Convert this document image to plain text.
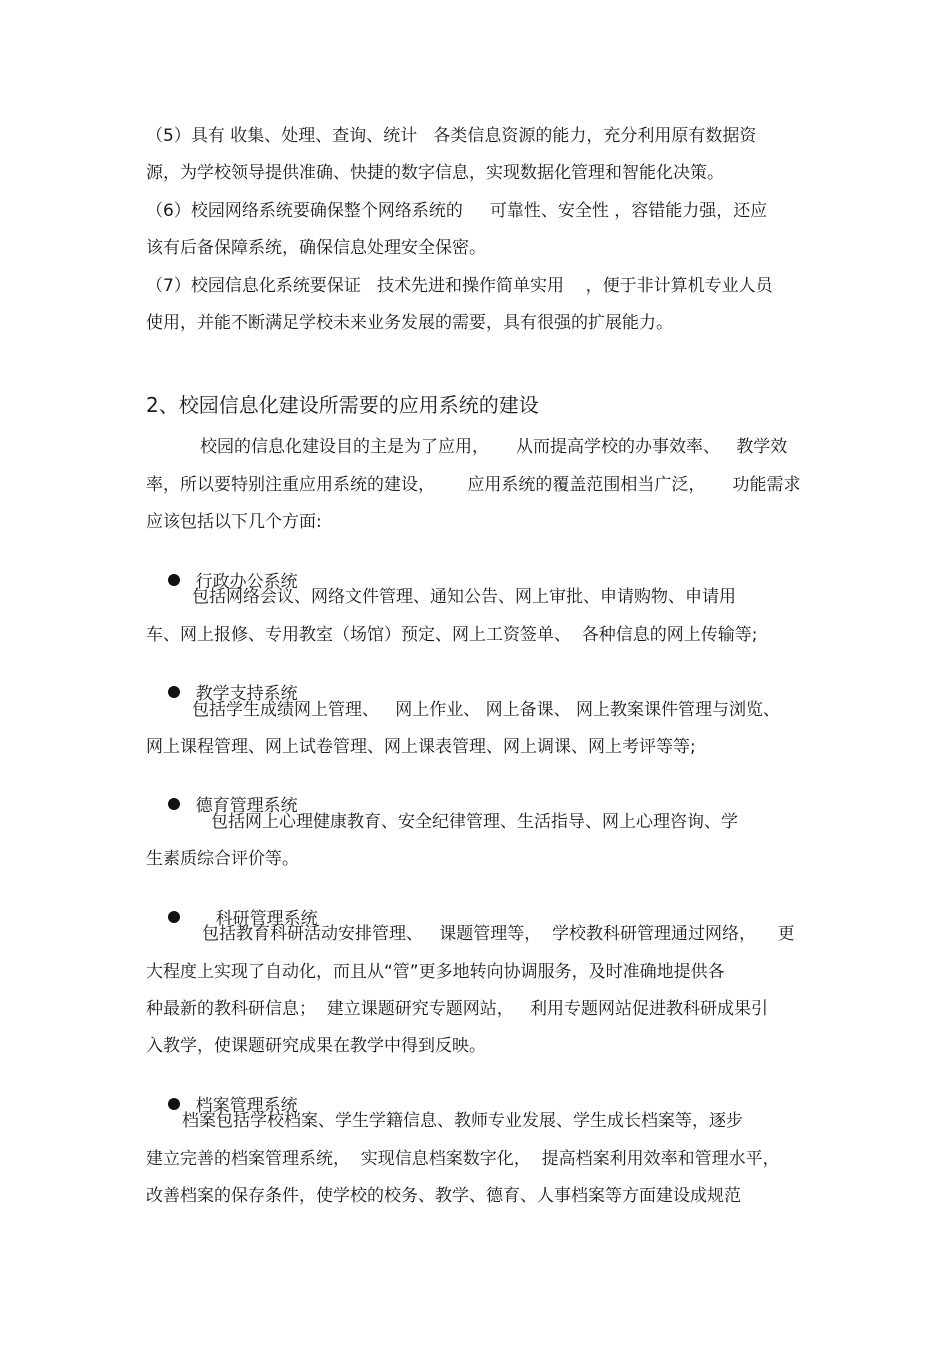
（5）具有 收集、处理、查询、统计   各类信息资源的能力，充分利用原有数据资
源，为学校领导提供准确、快捷的数字信息，实现数据化管理和智能化决策。
（6）校园网络系统要确保整个网络系统的     可靠性、安全性 ，容错能力强，还应
该有后备保障系统，确保信息处理安全保密。
（7）校园信息化系统要保证   技术先进和操作简单实用    ，便于非计算机专业人员
使用，并能不断满足学校未来业务发展的需要，具有很强的扩展能力。
2、校园信息化建设所需要的应用系统的建设
校园的信息化建设目的主是为了应用，     从而提高学校的办事效率、   教学效
率，所以要特别注重应用系统的建设，      应用系统的覆盖范围相当广泛，     功能需求
应该包括以下几个方面:

行政办公系统

包括网络会议、网络文件管理、通知公告、网上审批、申请购物、申请用
车、网上报修、专用教室（场馆）预定、网上工资签单、  各种信息的网上传输等;

教学支持系统

包括学生成绩网上管理、   网上作业、 网上备课、 网上教案课件管理与浏览、
网上课程管理、网上试卷管理、网上课表管理、网上调课、网上考评等等;

德育管理系统

包括网上心理健康教育、安全纪律管理、生活指导、网上心理咨询、学
生素质综合评价等。

科研管理系统

包括教育科研活动安排管理、   课题管理等，  学校教科研管理通过网络，    更
大程度上实现了自动化，而且从“管”更多地转向协调服务，及时准确地提供各
种最新的教科研信息；  建立课题研究专题网站，   利用专题网站促进教科研成果引
入教学，使课题研究成果在教学中得到反映。

档案管理系统

档案包括学校档案、学生学籍信息、教师专业发展、学生成长档案等，逐步
建立完善的档案管理系统，  实现信息档案数字化，  提高档案利用效率和管理水平，
改善档案的保存条件，使学校的校务、教学、德育、人事档案等方面建设成规范
